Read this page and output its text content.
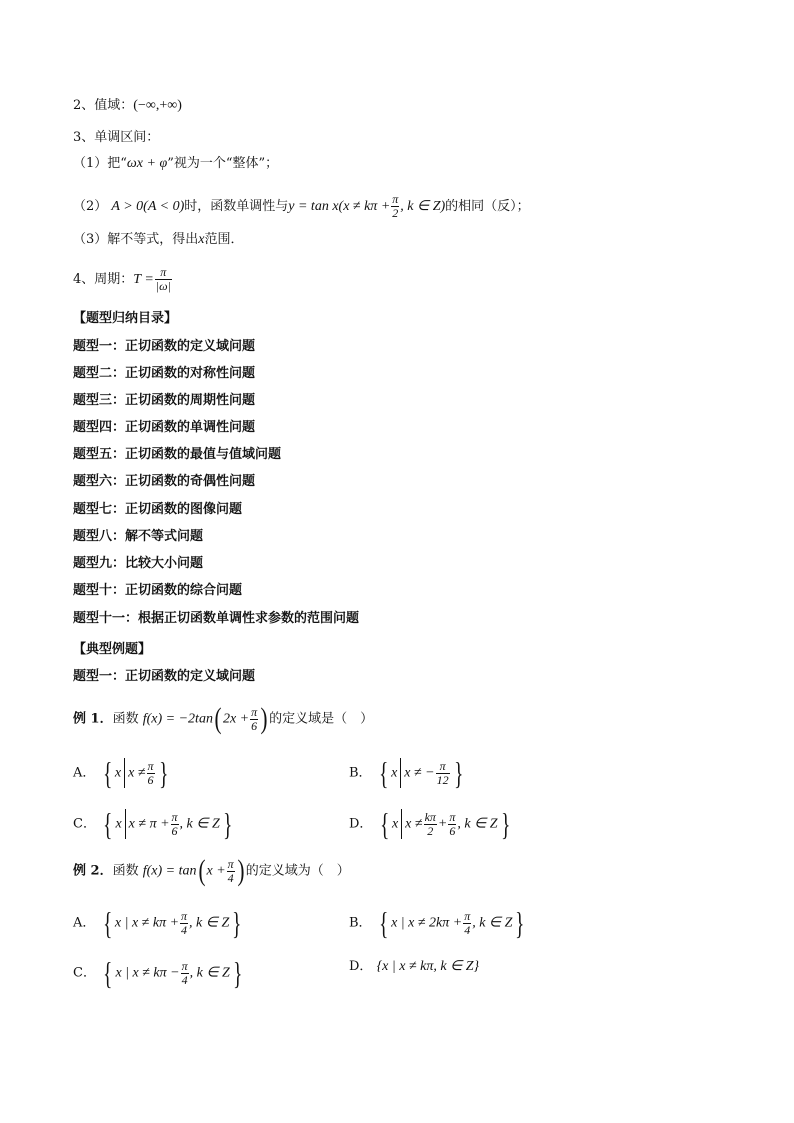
2、值域：(−∞,+∞)
3、单调区间：
（1）把“ωx + φ”视为一个“整体”；
（2） A > 0(A < 0)时，函数单调性与$y = \tan x(x \ne k\pi + \frac{\pi}{2}$ , k ∈ Z)的相同（反）；
（3）解不等式，得出x范围．
4、周期：$T = \frac{\pi}{|\omega|}$
【题型归纳目录】
题型一：正切函数的定义域问题
题型二：正切函数的对称性问题
题型三：正切函数的周期性问题
题型四：正切函数的单调性问题
题型五：正切函数的最值与值域问题
题型六：正切函数的奇偶性问题
题型七：正切函数的图像问题
题型八：解不等式问题
题型九：比较大小问题
题型十：正切函数的综合问题
题型十一：根据正切函数单调性求参数的范围问题
【典型例题】
题型一：正切函数的定义域问题
例 1．函数 f(x) = −2tan( $2x + \frac{\pi}{6}$ ) 的定义域是（　）
A． { x $x \ne \frac{\pi}{6}$ }	B． { x x ≠ − $\frac{\pi}{12}$ }
C． { x $x \ne \pi + \frac{\pi}{6}$ , k ∈ Z}	D． { x $x \ne \frac{k\pi}{2} + \frac{\pi}{6}$ , k ∈ Z}
例 2．函数 f(x) = tan( $x + \frac{\pi}{4}$ ) 的定义域为（　）
A． { x | $x \ne k\pi + \frac{\pi}{4}$ , k ∈ Z}	B． { x | $x \ne 2k\pi + \frac{\pi}{4}$ , k ∈ Z}
C． { x | $x \ne k\pi - \frac{\pi}{4}$ , k ∈ Z}	D． {x | x ≠ kπ, k ∈ Z}
